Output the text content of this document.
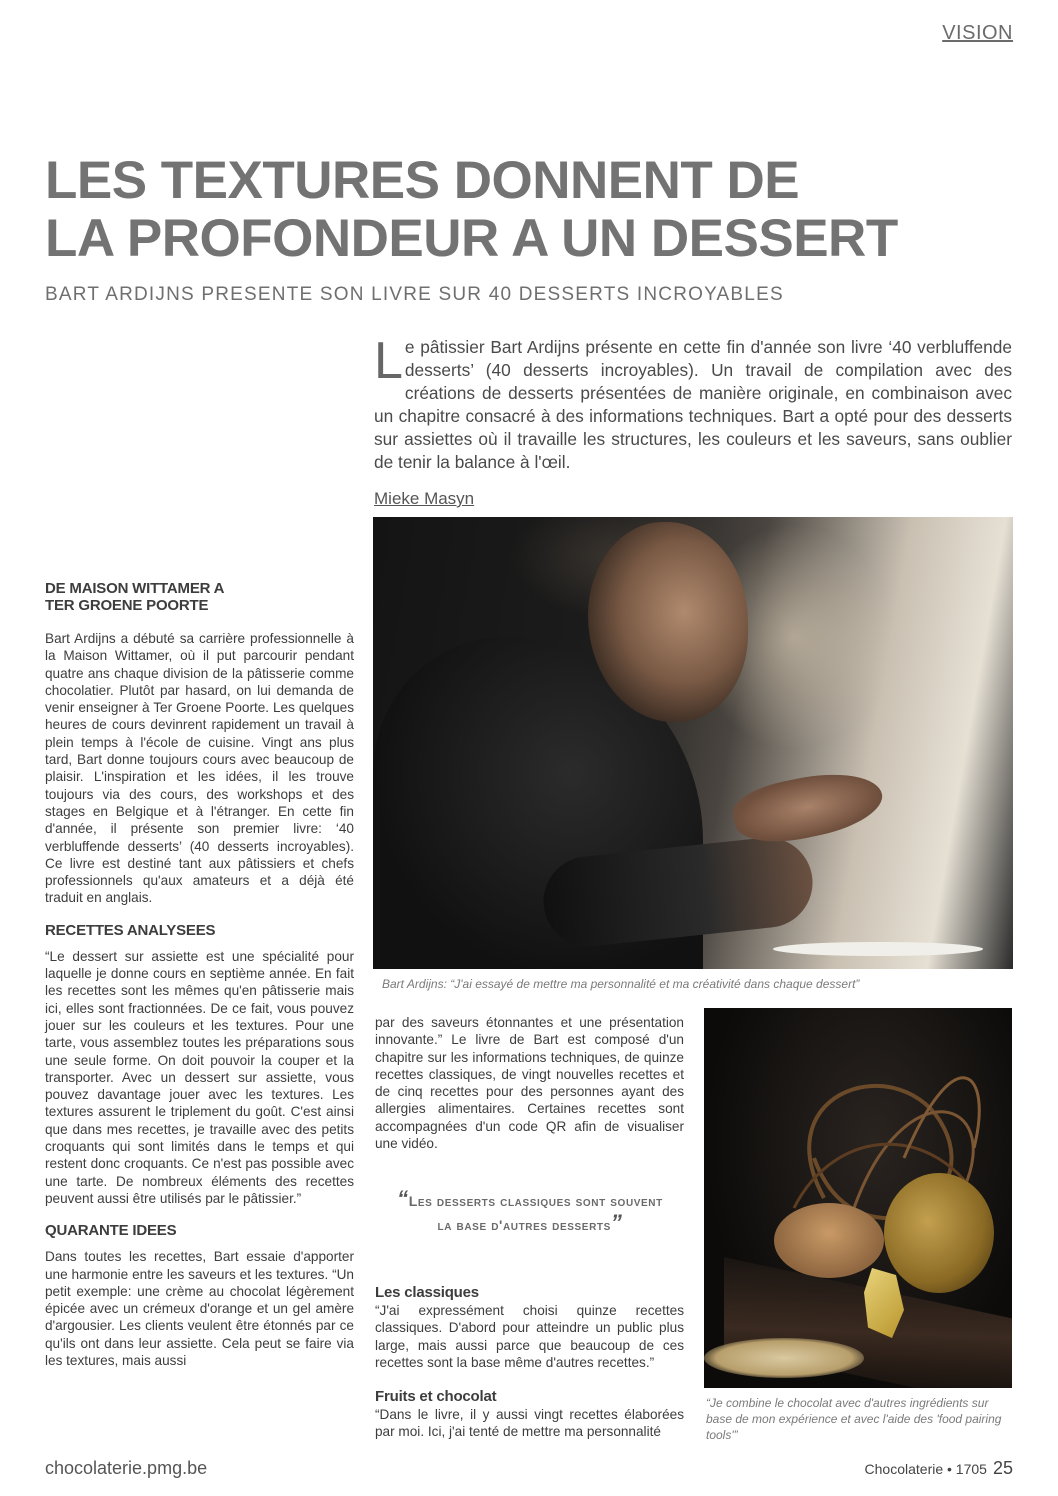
VISION
LES TEXTURES DONNENT DE
LA PROFONDEUR A UN DESSERT
BART ARDIJNS PRESENTE SON LIVRE SUR 40 DESSERTS INCROYABLES

Le pâtissier Bart Ardijns présente en cette fin d'année son livre ‘40 verbluffende desserts’ (40 desserts incroyables). Un travail de compilation avec des créations de desserts présentées de manière originale, en combinaison avec un chapitre consacré à des informations techniques. Bart a opté pour des desserts sur assiettes où il travaille les structures, les couleurs et les saveurs, sans oublier de tenir la balance à l'œil.

Mieke Masyn
Bart Ardijns: “J'ai essayé de mettre ma personnalité et ma créativité dans chaque dessert”
DE MAISON WITTAMER A
TER GROENE POORTE

Bart Ardijns a débuté sa carrière professionnelle à la Maison Wittamer, où il put parcourir pendant quatre ans chaque division de la pâtisserie comme chocolatier. Plutôt par hasard, on lui demanda de venir enseigner à Ter Groene Poorte. Les quelques heures de cours devinrent rapidement un travail à plein temps à l'école de cuisine. Vingt ans plus tard, Bart donne toujours cours avec beaucoup de plaisir. L'inspiration et les idées, il les trouve toujours via des cours, des workshops et des stages en Belgique et à l'étranger. En cette fin d'année, il présente son premier livre: ‘40 verbluffende desserts’ (40 desserts incroyables). Ce livre est destiné tant aux pâtissiers et chefs professionnels qu'aux amateurs et a déjà été traduit en anglais.

RECETTES ANALYSEES

“Le dessert sur assiette est une spécialité pour laquelle je donne cours en septième année. En fait les recettes sont les mêmes qu'en pâtisserie mais ici, elles sont fractionnées. De ce fait, vous pouvez jouer sur les couleurs et les textures. Pour une tarte, vous assemblez toutes les préparations sous une seule forme. On doit pouvoir la couper et la transporter. Avec un dessert sur assiette, vous pouvez davantage jouer avec les textures. Les textures assurent le triplement du goût. C'est ainsi que dans mes recettes, je travaille avec des petits croquants qui sont limités dans le temps et qui restent donc croquants. Ce n'est pas possible avec une tarte. De nombreux éléments des recettes peuvent aussi être utilisés par le pâtissier.”

QUARANTE IDEES

Dans toutes les recettes, Bart essaie d'apporter une harmonie entre les saveurs et les textures. “Un petit exemple: une crème au chocolat légèrement épicée avec un crémeux d'orange et un gel amère d'argousier. Les clients veulent être étonnés par ce qu'ils ont dans leur assiette. Cela peut se faire via les textures, mais aussi

par des saveurs étonnantes et une présentation innovante.” Le livre de Bart est composé d'un chapitre sur les informations techniques, de quinze recettes classiques, de vingt nouvelles recettes et de cinq recettes pour des personnes ayant des allergies alimentaires. Certaines recettes sont accompagnées d'un code QR afin de visualiser une vidéo.

“Les desserts classiques sont souvent la base d'autres desserts”
Les classiques

“J'ai expressément choisi quinze recettes classiques. D'abord pour atteindre un public plus large, mais aussi parce que beaucoup de ces recettes sont la base même d'autres recettes.”

Fruits et chocolat

“Dans le livre, il y aussi vingt recettes élaborées par moi. Ici, j'ai tenté de mettre ma personnalité

“Je combine le chocolat avec d'autres ingrédients sur base de mon expérience et avec l'aide des 'food pairing tools'”
chocolaterie.pmg.be	Chocolaterie • 1705 25
